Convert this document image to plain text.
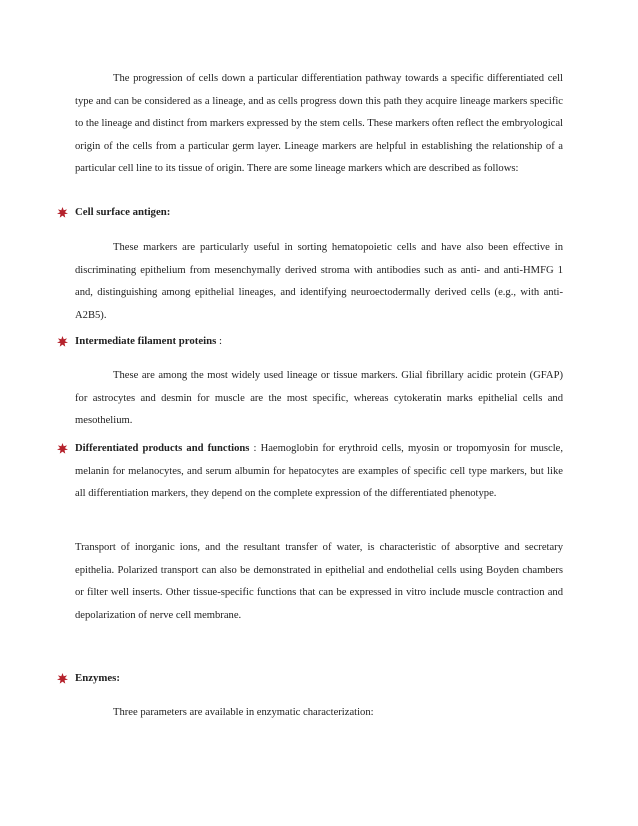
The progression of cells down a particular differentiation pathway towards a specific differentiated cell type and can be considered as a lineage, and as cells progress down this path they acquire lineage markers specific to the lineage and distinct from markers expressed by the stem cells. These markers often reflect the embryological origin of the cells from a particular germ layer. Lineage markers are helpful in establishing the relationship of a particular cell line to its tissue of origin. There are some lineage markers which are described as follows:

Cell surface antigen:

These markers are particularly useful in sorting hematopoietic cells and have also been effective in discriminating epithelium from mesenchymally derived stroma with antibodies such as anti- and anti-HMFG 1 and, distinguishing among epithelial lineages, and identifying neuroectodermally derived cells (e.g., with anti-A2B5).

Intermediate filament proteins :

These are among the most widely used lineage or tissue markers. Glial fibrillary acidic protein (GFAP) for astrocytes and desmin for muscle are the most specific, whereas cytokeratin marks epithelial cells and mesothelium.

Differentiated products and functions : Haemoglobin for erythroid cells, myosin or tropomyosin for muscle, melanin for melanocytes, and serum albumin for hepatocytes are examples of specific cell type markers, but like all differentiation markers, they depend on the complete expression of the differentiated phenotype.

Transport of inorganic ions, and the resultant transfer of water, is characteristic of absorptive and secretary epithelia. Polarized transport can also be demonstrated in epithelial and endothelial cells using Boyden chambers or filter well inserts. Other tissue-specific functions that can be expressed in vitro include muscle contraction and depolarization of nerve cell membrane.

Enzymes:

Three parameters are available in enzymatic characterization:
